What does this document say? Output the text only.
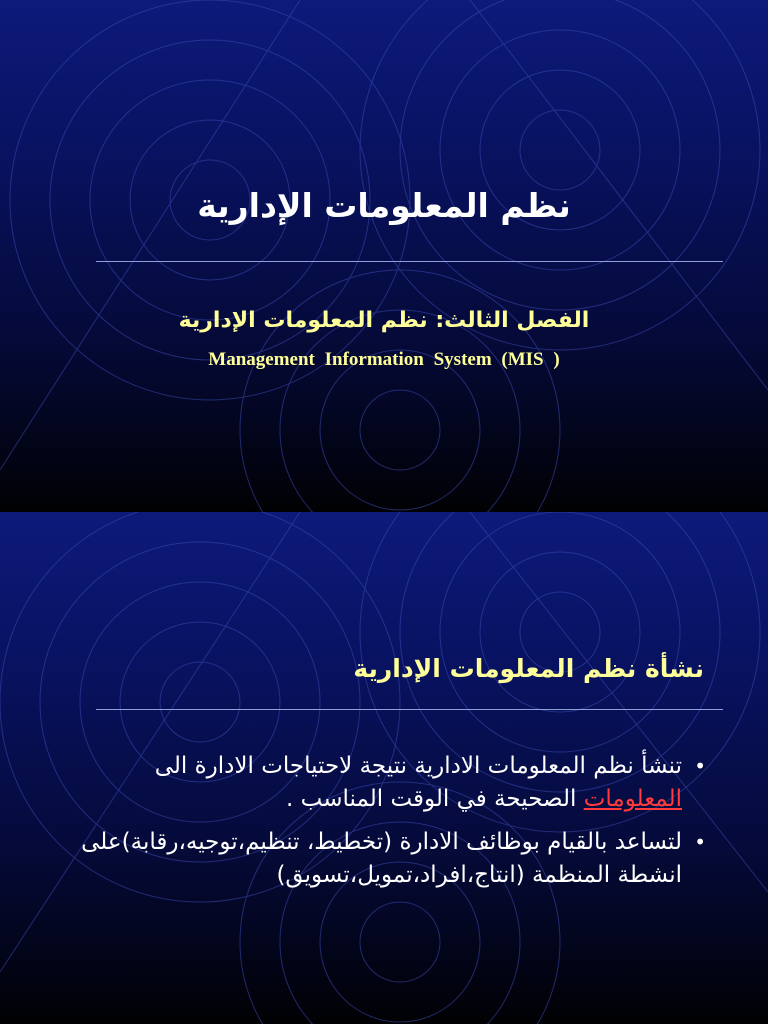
نظم المعلومات الإدارية

الفصل الثالث: نظم المعلومات الإدارية

Management Information System (MIS )

نشأة نظم المعلومات الإدارية
•
تنشأ نظم المعلومات الادارية نتيجة لاحتياجات الادارة الى المعلومات الصحيحة في الوقت المناسب .
•
لتساعد بالقيام بوظائف الادارة (تخطيط، تنظيم،توجيه،رقابة)على انشطة المنظمة (انتاج،افراد،تمويل،تسويق)
